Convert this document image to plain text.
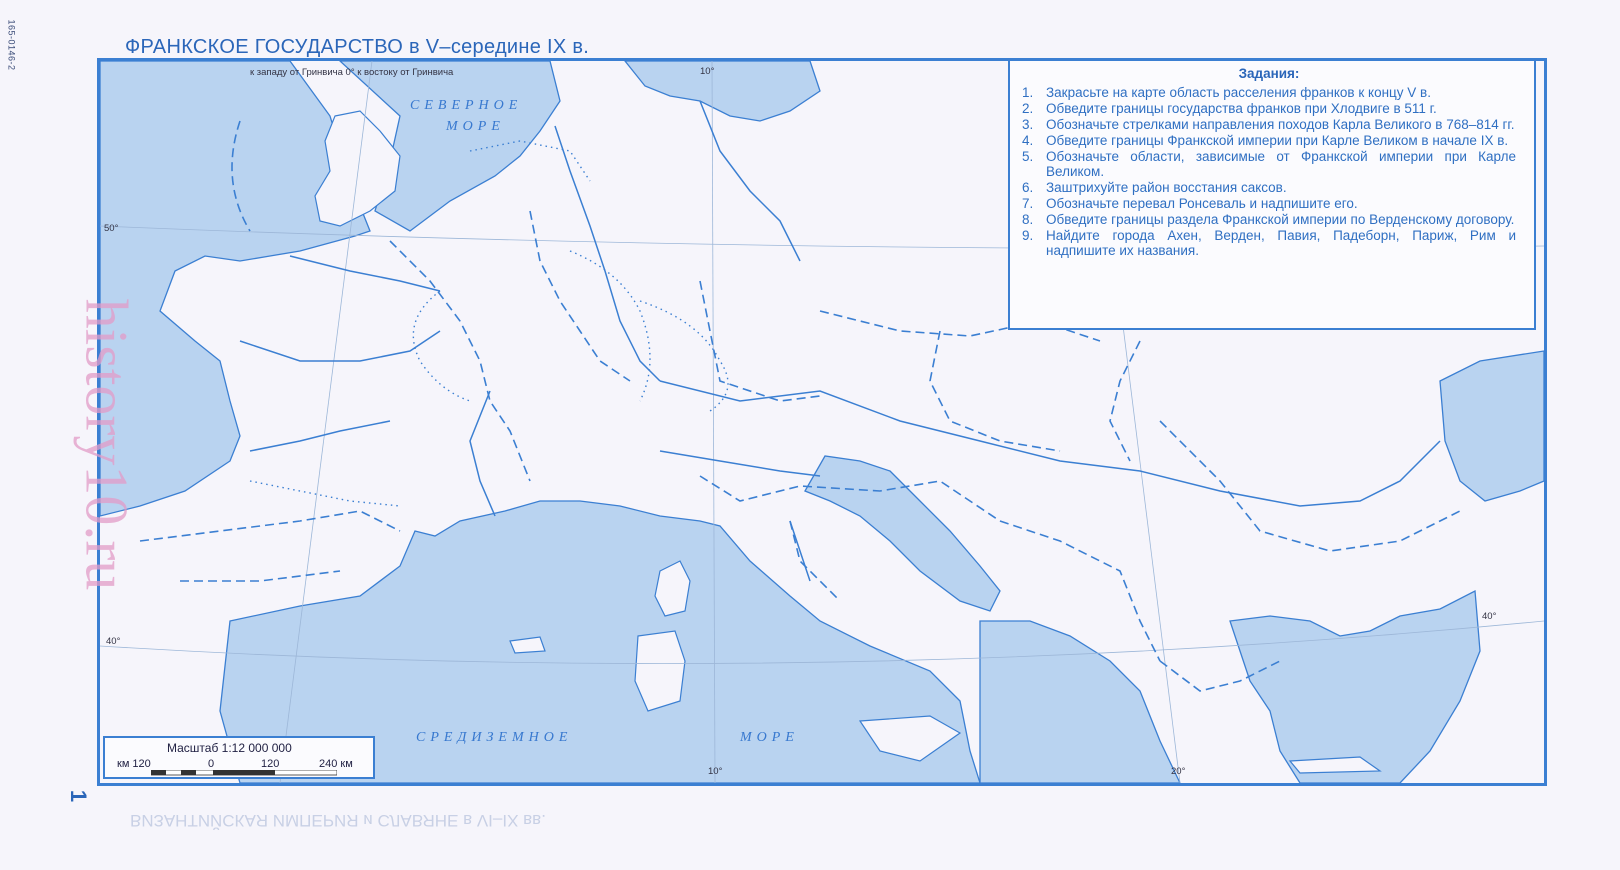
165-0146-2	ФРАНКСКОЕ ГОСУДАРСТВО в V–середине IX в.
ВИЗАНТИЙСКАЯ ИМПЕРИЯ и СЛАВЯНЕ в VI–IX вв.
к западу от Гринвича 0° к востоку от Гринвича	10°
10°	20°
50°
40°
40°
СЕВЕРНОЕ
МОРЕ
СРЕДИЗЕМНОЕ	МОРЕ
Задания:
1. Закрасьте на карте область расселения франков к концу V в.
2. Обведите границы государства франков при Хлодвиге в 511 г.
3. Обозначьте стрелками направления походов Карла Великого в 768–814 гг.
4. Обведите границы Франкской империи при Карле Великом в начале IX в.
5. Обозначьте области, зависимые от Франкской империи при Карле Великом.
6. Заштрихуйте район восстания саксов.
7. Обозначьте перевал Ронсеваль и надпишите его.
8. Обведите границы раздела Франкской империи по Верденскому договору.
9. Найдите города Ахен, Верден, Павия, Падеборн, Париж, Рим и надпишите их названия.
Масштаб 1:12 000 000
км 120	0	120	240 км
history10.ru
1
